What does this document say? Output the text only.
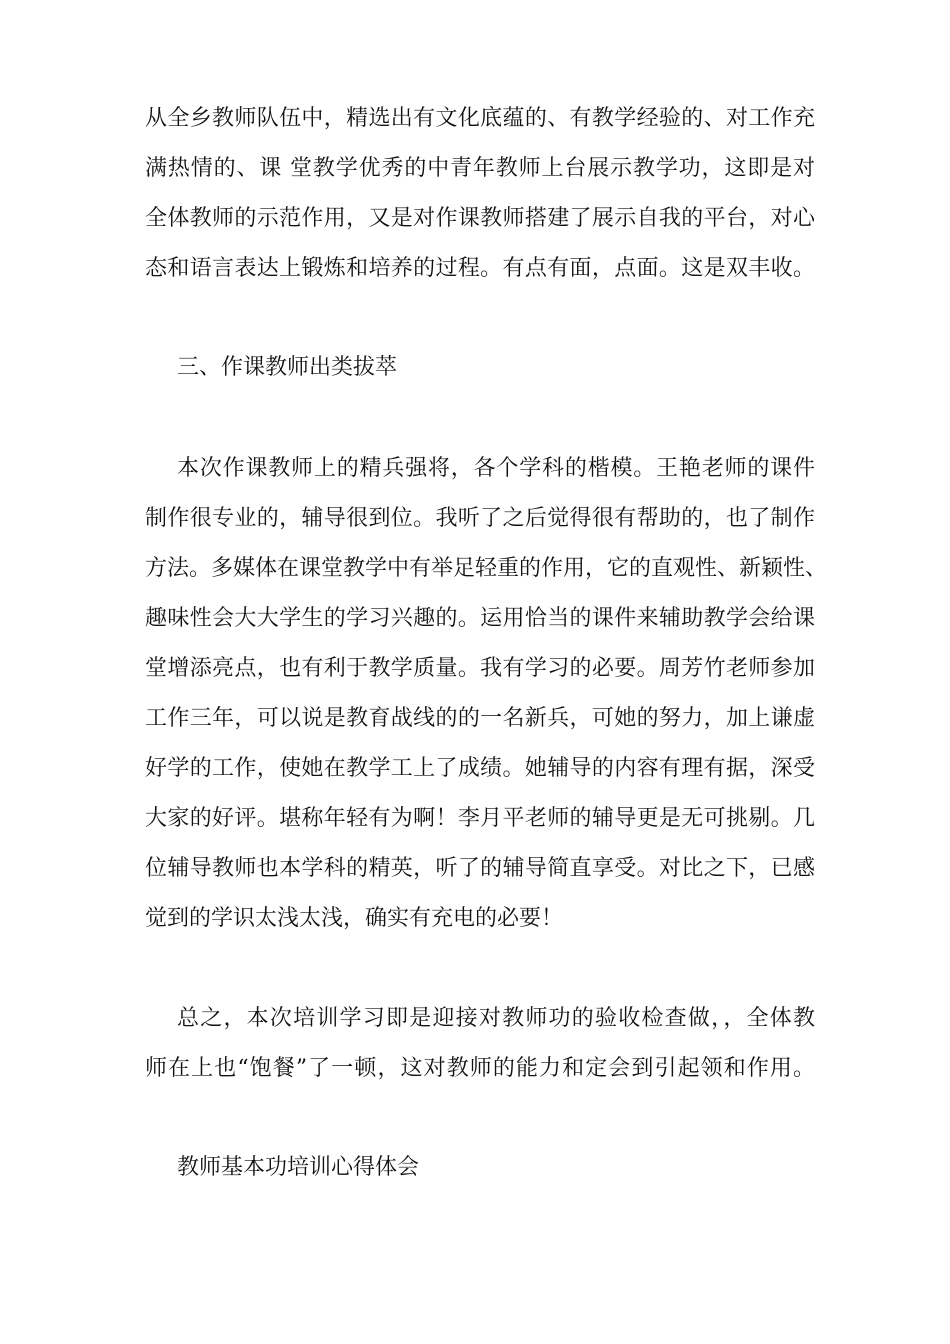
从全乡教师队伍中，精选出有文化底蕴的、有教学经验的、对工作充
满热情的、课 堂教学优秀的中青年教师上台展示教学功，这即是对
全体教师的示范作用，又是对作课教师搭建了展示自我的平台，对心
态和语言表达上锻炼和培养的过程。有点有面，点面。这是双丰收。
三、作课教师出类拔萃
本次作课教师上的精兵强将，各个学科的楷模。王艳老师的课件
制作很专业的，辅导很到位。我听了之后觉得很有帮助的，也了制作
方法。多媒体在课堂教学中有举足轻重的作用，它的直观性、新颖性、
趣味性会大大学生的学习兴趣的。运用恰当的课件来辅助教学会给课
堂增添亮点，也有利于教学质量。我有学习的必要。周芳竹老师参加
工作三年，可以说是教育战线的的一名新兵，可她的努力，加上谦虚
好学的工作，使她在教学工上了成绩。她辅导的内容有理有据，深受
大家的好评。堪称年轻有为啊！李月平老师的辅导更是无可挑剔。几
位辅导教师也本学科的精英，听了的辅导简直享受。对比之下，已感
觉到的学识太浅太浅，确实有充电的必要！
总之，本次培训学习即是迎接对教师功的验收检查做，，全体教
师在上也“饱餐”了一顿，这对教师的能力和定会到引起领和作用。
教师基本功培训心得体会
